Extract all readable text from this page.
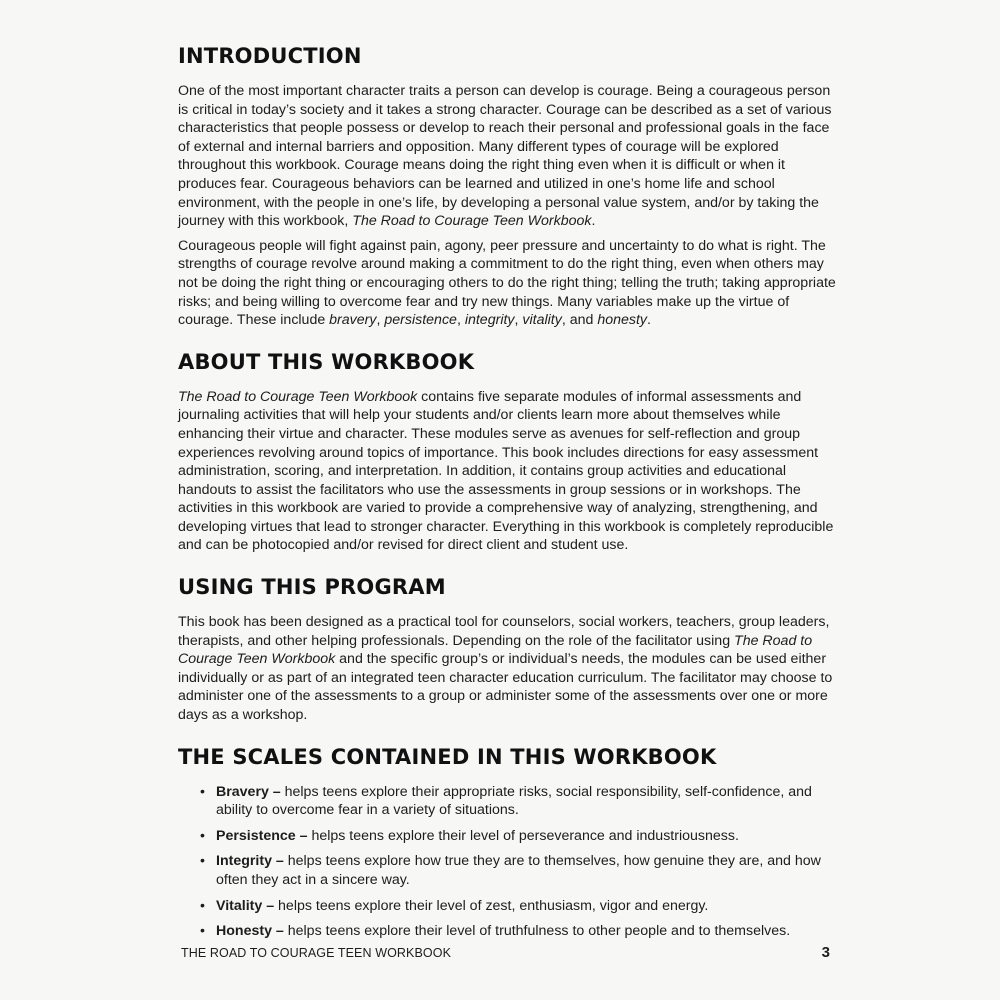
INTRODUCTION

One of the most important character traits a person can develop is courage. Being a courageous person is critical in today’s society and it takes a strong character. Courage can be described as a set of various characteristics that people possess or develop to reach their personal and professional goals in the face of external and internal barriers and opposition. Many different types of courage will be explored throughout this workbook. Courage means doing the right thing even when it is difficult or when it produces fear. Courageous behaviors can be learned and utilized in one’s home life and school environment, with the people in one’s life, by developing a personal value system, and/or by taking the journey with this workbook, The Road to Courage Teen Workbook.

Courageous people will fight against pain, agony, peer pressure and uncertainty to do what is right. The strengths of courage revolve around making a commitment to do the right thing, even when others may not be doing the right thing or encouraging others to do the right thing; telling the truth; taking appropriate risks; and being willing to overcome fear and try new things. Many variables make up the virtue of courage. These include bravery, persistence, integrity, vitality, and honesty.

ABOUT THIS WORKBOOK

The Road to Courage Teen Workbook contains five separate modules of informal assessments and journaling activities that will help your students and/or clients learn more about themselves while enhancing their virtue and character. These modules serve as avenues for self-reflection and group experiences revolving around topics of importance. This book includes directions for easy assessment administration, scoring, and interpretation. In addition, it contains group activities and educational handouts to assist the facilitators who use the assessments in group sessions or in workshops. The activities in this workbook are varied to provide a comprehensive way of analyzing, strengthening, and developing virtues that lead to stronger character. Everything in this workbook is completely reproducible and can be photocopied and/or revised for direct client and student use.

USING THIS PROGRAM

This book has been designed as a practical tool for counselors, social workers, teachers, group leaders, therapists, and other helping professionals. Depending on the role of the facilitator using The Road to Courage Teen Workbook and the specific group’s or individual’s needs, the modules can be used either individually or as part of an integrated teen character education curriculum. The facilitator may choose to administer one of the assessments to a group or administer some of the assessments over one or more days as a workshop.

THE SCALES CONTAINED IN THIS WORKBOOK
• Bravery – helps teens explore their appropriate risks, social responsibility, self-confidence, and ability to overcome fear in a variety of situations.
• Persistence – helps teens explore their level of perseverance and industriousness.
• Integrity – helps teens explore how true they are to themselves, how genuine they are, and how often they act in a sincere way.
• Vitality – helps teens explore their level of zest, enthusiasm, vigor and energy.
• Honesty – helps teens explore their level of truthfulness to other people and to themselves.
THE ROAD TO COURAGE TEEN WORKBOOK	3
